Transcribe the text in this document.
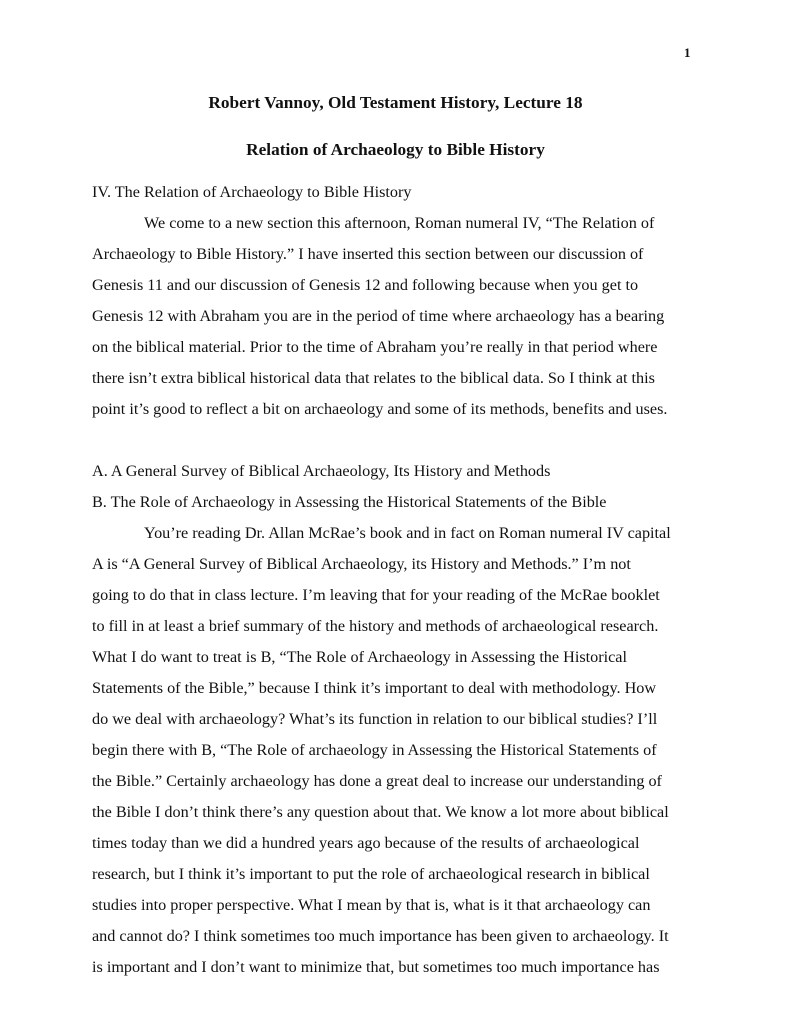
1
Robert Vannoy, Old Testament History, Lecture 18
Relation of Archaeology to Bible History
IV. The Relation of Archaeology to Bible History
We come to a new section this afternoon, Roman numeral IV, “The Relation of
Archaeology to Bible History.” I have inserted this section between our discussion of
Genesis 11 and our discussion of Genesis 12 and following because when you get to
Genesis 12 with Abraham you are in the period of time where archaeology has a bearing
on the biblical material. Prior to the time of Abraham you’re really in that period where
there isn’t extra biblical historical data that relates to the biblical data. So I think at this
point it’s good to reflect a bit on archaeology and some of its methods, benefits and uses.
A. A General Survey of Biblical Archaeology, Its History and Methods
B. The Role of Archaeology in Assessing the Historical Statements of the Bible
You’re reading Dr. Allan McRae’s book and in fact on Roman numeral IV capital
A is “A General Survey of Biblical Archaeology, its History and Methods.” I’m not
going to do that in class lecture. I’m leaving that for your reading of the McRae booklet
to fill in at least a brief summary of the history and methods of archaeological research.
What I do want to treat is B, “The Role of Archaeology in Assessing the Historical
Statements of the Bible,” because I think it’s important to deal with methodology. How
do we deal with archaeology? What’s its function in relation to our biblical studies? I’ll
begin there with B, “The Role of archaeology in Assessing the Historical Statements of
the Bible.” Certainly archaeology has done a great deal to increase our understanding of
the Bible I don’t think there’s any question about that. We know a lot more about biblical
times today than we did a hundred years ago because of the results of archaeological
research, but I think it’s important to put the role of archaeological research in biblical
studies into proper perspective. What I mean by that is, what is it that archaeology can
and cannot do? I think sometimes too much importance has been given to archaeology. It
is important and I don’t want to minimize that, but sometimes too much importance has
